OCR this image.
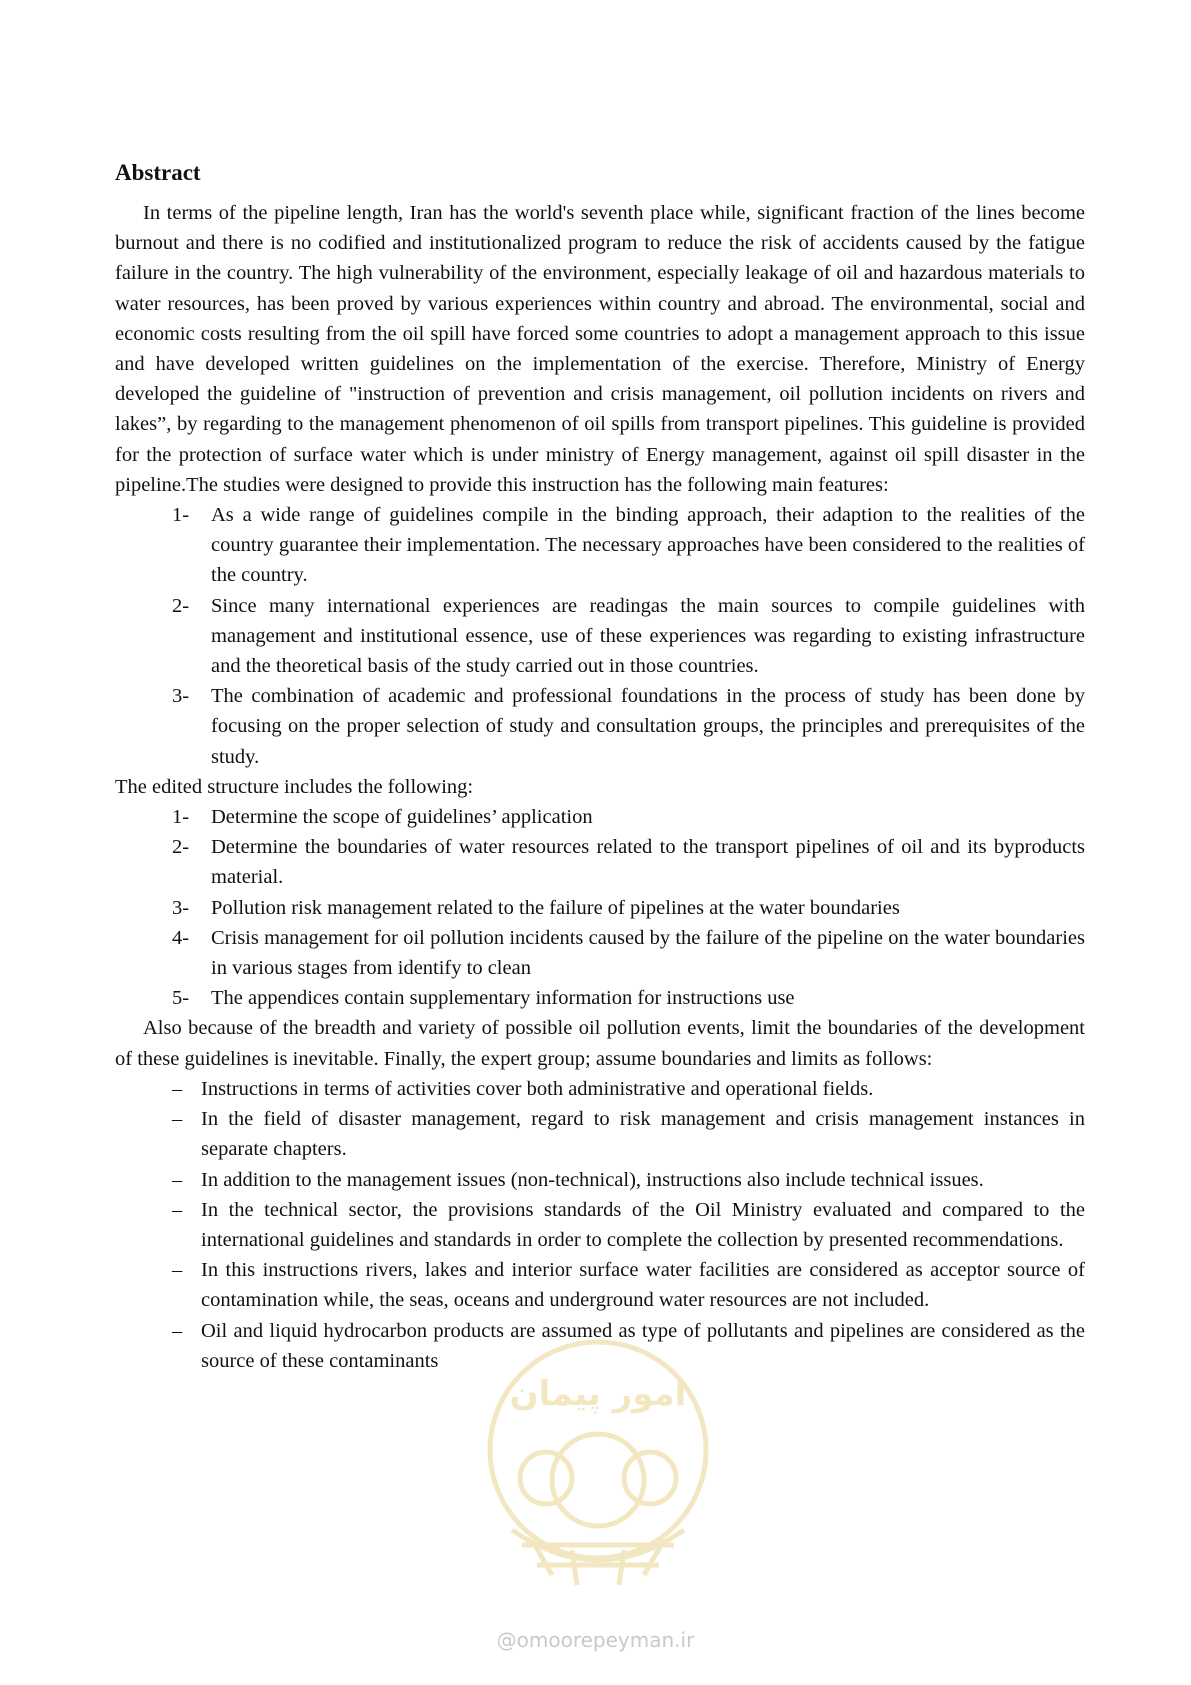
Abstract

In terms of the pipeline length, Iran has the world's seventh place while, significant fraction of the lines become burnout and there is no codified and institutionalized program to reduce the risk of accidents caused by the fatigue failure in the country. The high vulnerability of the environment, especially leakage of oil and hazardous materials to water resources, has been proved by various experiences within country and abroad. The environmental, social and economic costs resulting from the oil spill have forced some countries to adopt a management approach to this issue and have developed written guidelines on the implementation of the exercise. Therefore, Ministry of Energy developed the guideline of "instruction of prevention and crisis management, oil pollution incidents on rivers and lakes”, by regarding to the management phenomenon of oil spills from transport pipelines. This guideline is provided for the protection of surface water which is under ministry of Energy management, against oil spill disaster in the pipeline.The studies were designed to provide this instruction has the following main features:

1- As a wide range of guidelines compile in the binding approach, their adaption to the realities of the country guarantee their implementation. The necessary approaches have been considered to the realities of the country.
2- Since many international experiences are readingas the main sources to compile guidelines with management and institutional essence, use of these experiences was regarding to existing infrastructure and the theoretical basis of the study carried out in those countries.
3- The combination of academic and professional foundations in the process of study has been done by focusing on the proper selection of study and consultation groups, the principles and prerequisites of the study.

The edited structure includes the following:

1- Determine the scope of guidelines’ application
2- Determine the boundaries of water resources related to the transport pipelines of oil and its byproducts material.
3- Pollution risk management related to the failure of pipelines at the water boundaries
4- Crisis management for oil pollution incidents caused by the failure of the pipeline on the water boundaries in various stages from identify to clean
5- The appendices contain supplementary information for instructions use

Also because of the breadth and variety of possible oil pollution events, limit the boundaries of the development of these guidelines is inevitable. Finally, the expert group; assume boundaries and limits as follows:

– Instructions in terms of activities cover both administrative and operational fields.
– In the field of disaster management, regard to risk management and crisis management instances in separate chapters.
– In addition to the management issues (non-technical), instructions also include technical issues.
– In the technical sector, the provisions standards of the Oil Ministry evaluated and compared to the international guidelines and standards in order to complete the collection by presented recommendations.
– In this instructions rivers, lakes and interior surface water facilities are considered as acceptor source of contamination while, the seas, oceans and underground water resources are not included.
– Oil and liquid hydrocarbon products are assumed as type of pollutants and pipelines are considered as the source of these contaminants
امور پیمان
@omoorepeyman.ir
